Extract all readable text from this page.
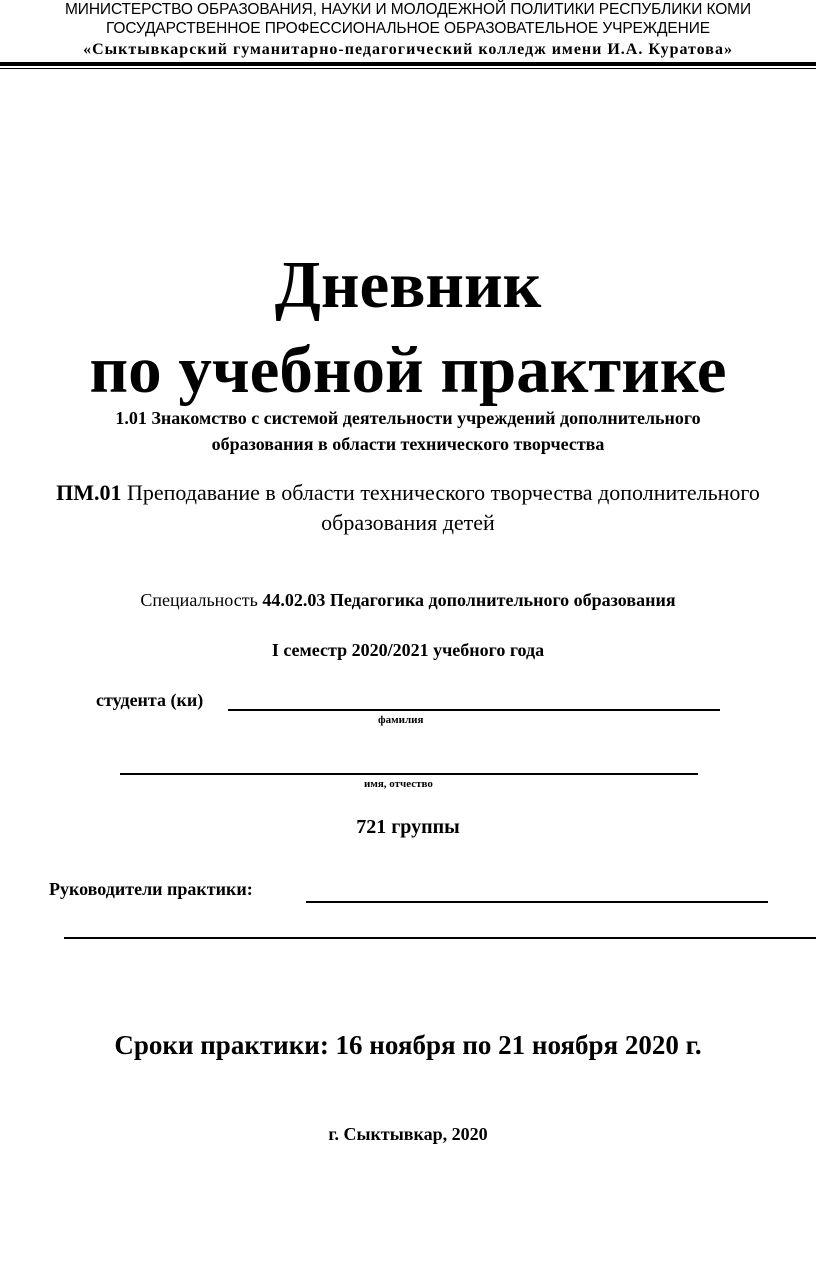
МИНИСТЕРСТВО ОБРАЗОВАНИЯ, НАУКИ И МОЛОДЕЖНОЙ ПОЛИТИКИ РЕСПУБЛИКИ КОМИ
ГОСУДАРСТВЕННОЕ ПРОФЕССИОНАЛЬНОЕ ОБРАЗОВАТЕЛЬНОЕ УЧРЕЖДЕНИЕ
«Сыктывкарский гуманитарно-педагогический колледж имени И.А. Куратова»
Дневник
по учебной практике
1.01 Знакомство с системой деятельности учреждений дополнительного
образования в области технического творчества
ПМ.01 Преподавание в области технического творчества дополнительного
образования детей
Специальность 44.02.03 Педагогика дополнительного образования
I семестр 2020/2021 учебного года
студента (ки)
фамилия
имя, отчество
721 группы
Руководители практики:
Сроки практики: 16 ноября по 21 ноября 2020 г.
г. Сыктывкар, 2020
